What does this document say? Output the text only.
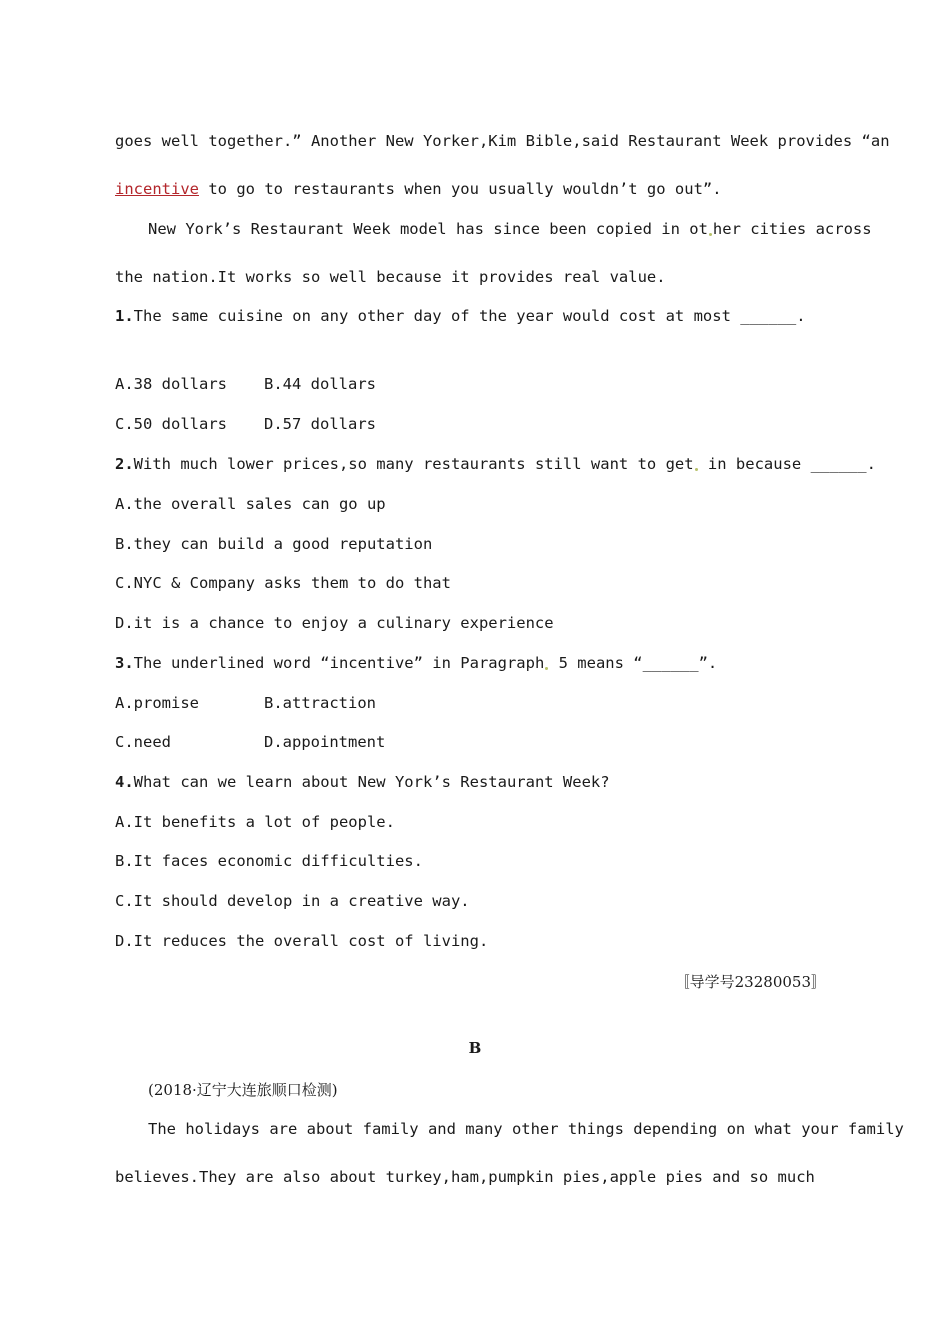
goes well together.” Another New Yorker,Kim Bible,said Restaurant Week provides “an
incentive to go to restaurants when you usually wouldn’t go out”.
New York’s Restaurant Week model has since been copied in ot her cities across
the nation.It works so well because it provides real value.
1.The same cuisine on any other day of the year would cost at most ______.
A.38 dollars B.44 dollars
C.50 dollars D.57 dollars
2.With much lower prices,so many restaurants still want to get in because ______.
A.the overall sales can go up
B.they can build a good reputation
C.NYC & Company asks them to do that
D.it is a chance to enjoy a culinary experience
3.The underlined word “incentive” in Paragraph 5 means “______”.
A.promise	B.attraction
C.need	D.appointment
4.What can we learn about New York’s Restaurant Week?
A.It benefits a lot of people.
B.It faces economic difficulties.
C.It should develop in a creative way.
D.It reduces the overall cost of living.
〚导学号23280053〛
B
(2018·辽宁大连旅顺口检测)
The holidays are about family and many other things depending on what your family
believes.They are also about turkey,ham,pumpkin pies,apple pies and so much
